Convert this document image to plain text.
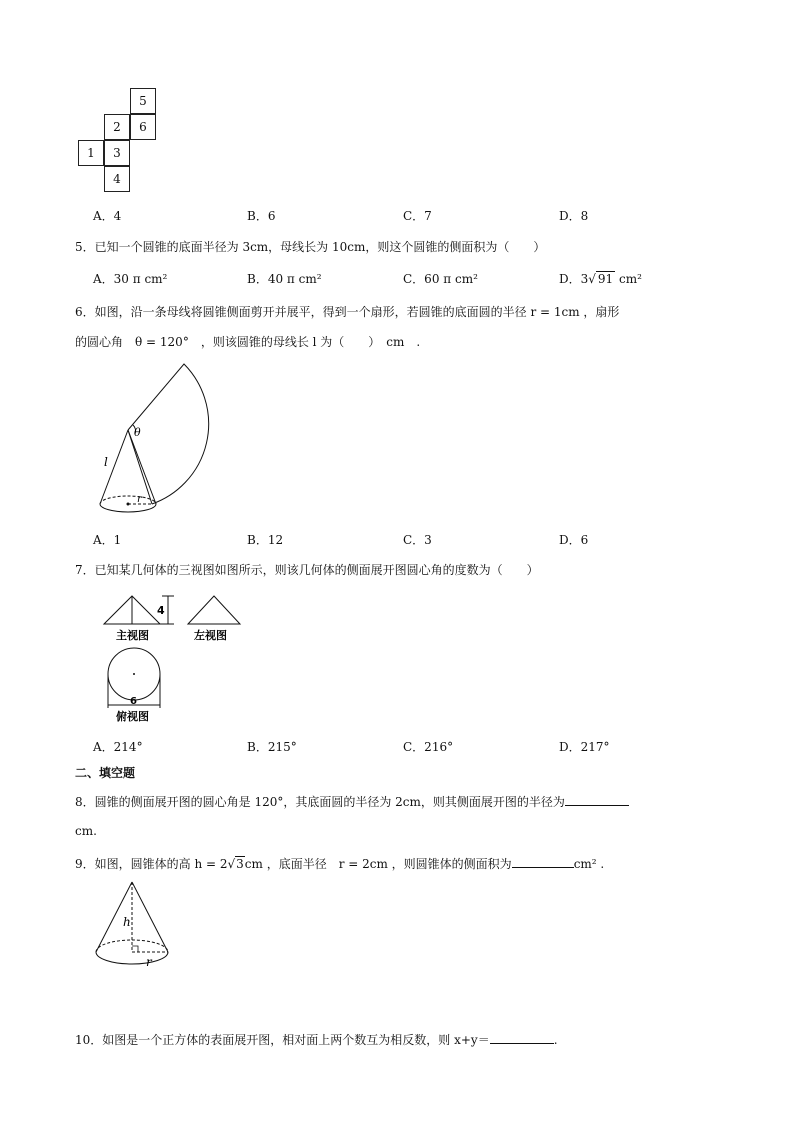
5
2	6
1	3
4
A．4	B．6	C．7	D．8
5．已知一个圆锥的底面半径为 3cm，母线长为 10cm，则这个圆锥的侧面积为（　　）
A．30 π cm²	B．40 π cm²	C．60 π cm²	D．3√ 91 cm²
6．如图，沿一条母线将圆锥侧面剪开并展平，得到一个扇形，若圆锥的底面圆的半径 r = 1cm ，扇形
的圆心角　θ = 120°　，则该圆锥的母线长 l 为（　　）　cm　.
θ
l
r
A．1	B．12	C．3	D．6
7．已知某几何体的三视图如图所示，则该几何体的侧面展开图圆心角的度数为（　　）
4
主视图	左视图
6
俯视图
A．214°	B．215°	C．216°	D．217°
二、填空题
8．圆锥的侧面展开图的圆心角是 120°，其底面圆的半径为 2cm，则其侧面展开图的半径为
cm.
9．如图，圆锥体的高 h = 2√3cm ，底面半径　r = 2cm ，则圆锥体的侧面积为	cm² .
h
r
10．如图是一个正方体的表面展开图，相对面上两个数互为相反数，则 x+y＝	.
